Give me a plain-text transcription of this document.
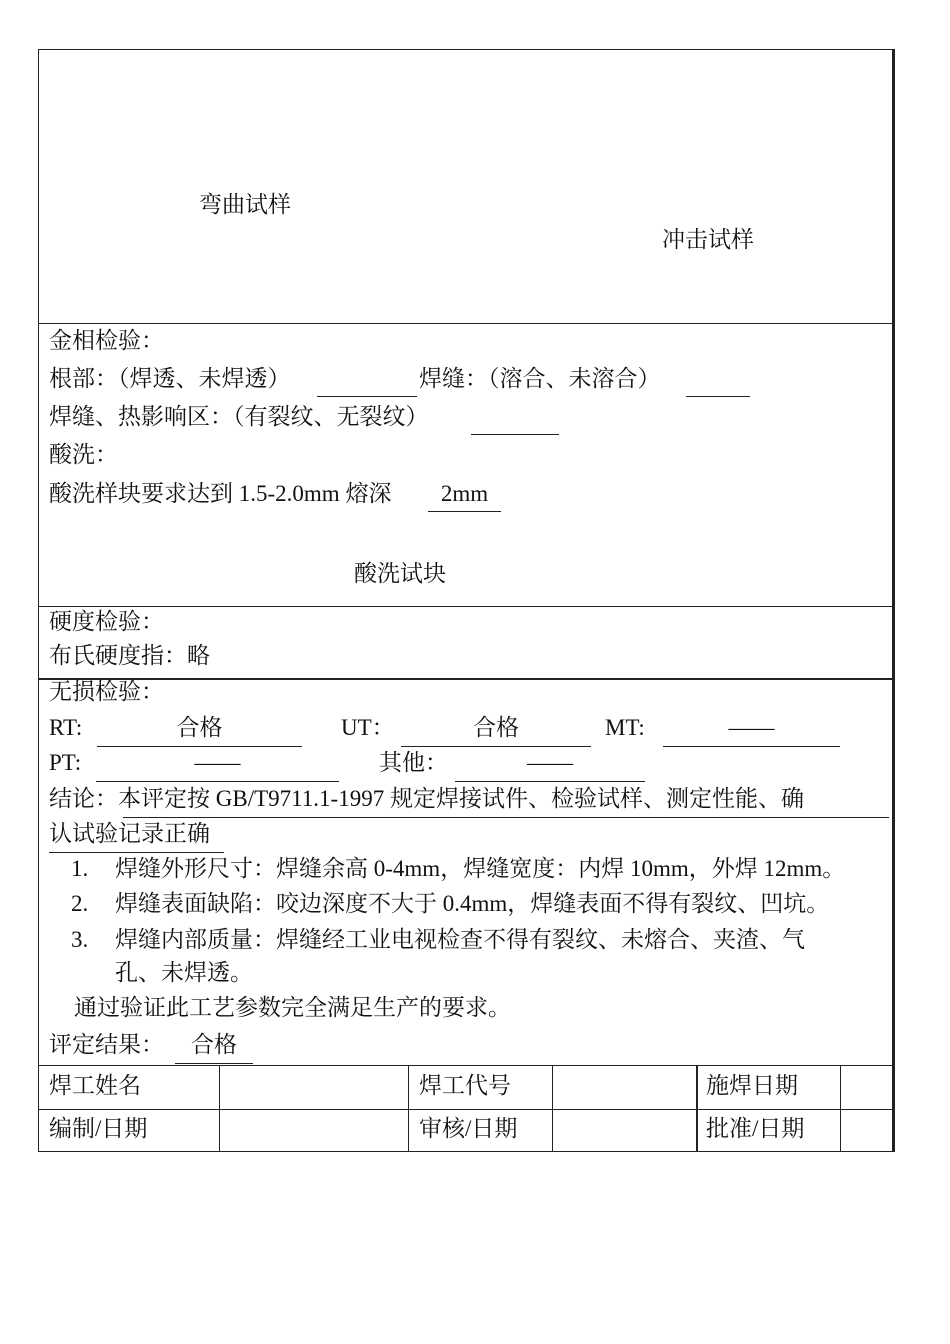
弯曲试样
冲击试样
金相检验：
根部：（焊透、未焊透）	焊缝：（溶合、未溶合）
焊缝、热影响区：（有裂纹、无裂纹）
酸洗：
酸洗样块要求达到 1.5-2.0mm 熔深	2mm
酸洗试块
硬度检验：
布氏硬度指：略
无损检验：
RT:	合格	UT：	合格	MT:	——
PT:	——	其他：	——
结论：本评定按 GB/T9711.1-1997 规定焊接试件、检验试样、测定性能、确
认试验记录正确
1. 焊缝外形尺寸：焊缝余高 0-4mm，焊缝宽度：内焊 10mm，外焊 12mm。
2. 焊缝表面缺陷：咬边深度不大于 0.4mm，焊缝表面不得有裂纹、凹坑。
3. 焊缝内部质量：焊缝经工业电视检查不得有裂纹、未熔合、夹渣、气
孔、未焊透。
通过验证此工艺参数完全满足生产的要求。
评定结果：	合格
焊工姓名	焊工代号	施焊日期
编制/日期	审核/日期	批准/日期
